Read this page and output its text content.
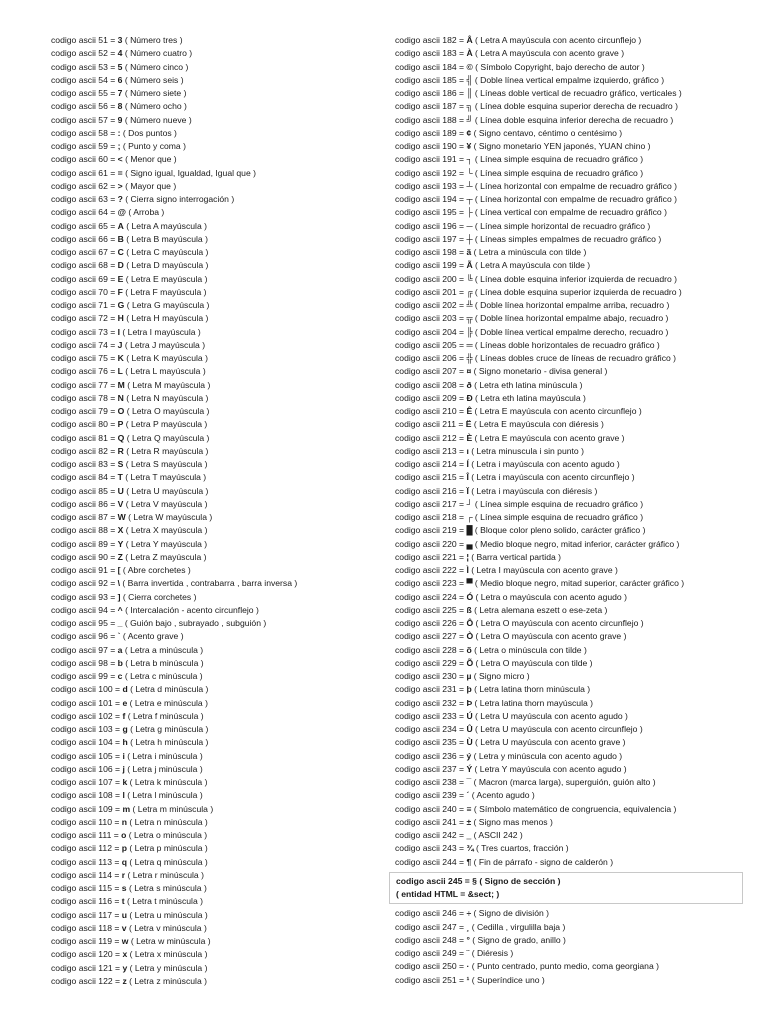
codigo ascii 51 = 3 ( Número tres )
codigo ascii 52 = 4 ( Número cuatro )
codigo ascii 53 = 5 ( Número cinco )
codigo ascii 54 = 6 ( Número seis )
codigo ascii 55 = 7 ( Número siete )
codigo ascii 56 = 8 ( Número ocho )
codigo ascii 57 = 9 ( Número nueve )
codigo ascii 58 = : ( Dos puntos )
codigo ascii 59 = ; ( Punto y coma )
codigo ascii 60 = < ( Menor que )
codigo ascii 61 = = ( Signo igual, Igualdad, Igual que )
codigo ascii 62 = > ( Mayor que )
codigo ascii 63 = ? ( Cierra signo interrogación )
codigo ascii 64 = @ ( Arroba )
codigo ascii 65 = A ( Letra A mayúscula )
codigo ascii 66 = B ( Letra B mayúscula )
codigo ascii 67 = C ( Letra C mayúscula )
codigo ascii 68 = D ( Letra D mayúscula )
codigo ascii 69 = E ( Letra E mayúscula )
codigo ascii 70 = F ( Letra F mayúscula )
codigo ascii 71 = G ( Letra G mayúscula )
codigo ascii 72 = H ( Letra H mayúscula )
codigo ascii 73 = I ( Letra I mayúscula )
codigo ascii 74 = J ( Letra J mayúscula )
codigo ascii 75 = K ( Letra K mayúscula )
codigo ascii 76 = L ( Letra L mayúscula )
codigo ascii 77 = M ( Letra M mayúscula )
codigo ascii 78 = N ( Letra N mayúscula )
codigo ascii 79 = O ( Letra O mayúscula )
codigo ascii 80 = P ( Letra P mayúscula )
codigo ascii 81 = Q ( Letra Q mayúscula )
codigo ascii 82 = R ( Letra R mayúscula )
codigo ascii 83 = S ( Letra S mayúscula )
codigo ascii 84 = T ( Letra T mayúscula )
codigo ascii 85 = U ( Letra U mayúscula )
codigo ascii 86 = V ( Letra V mayúscula )
codigo ascii 87 = W ( Letra W mayúscula )
codigo ascii 88 = X ( Letra X mayúscula )
codigo ascii 89 = Y ( Letra Y mayúscula )
codigo ascii 90 = Z ( Letra Z mayúscula )
codigo ascii 91 = [ ( Abre corchetes )
codigo ascii 92 = \ ( Barra invertida , contrabarra , barra inversa )
codigo ascii 93 = ] ( Cierra corchetes )
codigo ascii 94 = ^ ( Intercalación - acento circunflejo )
codigo ascii 95 = _ ( Guión bajo , subrayado , subguión )
codigo ascii 96 = ` ( Acento grave )
codigo ascii 97 = a ( Letra a minúscula )
codigo ascii 98 = b ( Letra b minúscula )
codigo ascii 99 = c ( Letra c minúscula )
codigo ascii 100 = d ( Letra d minúscula )
codigo ascii 101 = e ( Letra e minúscula )
codigo ascii 102 = f ( Letra f minúscula )
codigo ascii 103 = g ( Letra g minúscula )
codigo ascii 104 = h ( Letra h minúscula )
codigo ascii 105 = i ( Letra i minúscula )
codigo ascii 106 = j ( Letra j minúscula )
codigo ascii 107 = k ( Letra k minúscula )
codigo ascii 108 = l ( Letra l minúscula )
codigo ascii 109 = m ( Letra m minúscula )
codigo ascii 110 = n ( Letra n minúscula )
codigo ascii 111 = o ( Letra o minúscula )
codigo ascii 112 = p ( Letra p minúscula )
codigo ascii 113 = q ( Letra q minúscula )
codigo ascii 114 = r ( Letra r minúscula )
codigo ascii 115 = s ( Letra s minúscula )
codigo ascii 116 = t ( Letra t minúscula )
codigo ascii 117 = u ( Letra u minúscula )
codigo ascii 118 = v ( Letra v minúscula )
codigo ascii 119 = w ( Letra w minúscula )
codigo ascii 120 = x ( Letra x minúscula )
codigo ascii 121 = y ( Letra y minúscula )
codigo ascii 122 = z ( Letra z minúscula )
codigo ascii 182 = Â ( Letra A mayúscula con acento circunflejo )
codigo ascii 183 = À ( Letra A mayúscula con acento grave )
codigo ascii 184 = © ( Símbolo Copyright, bajo derecho de autor )
codigo ascii 185 = ╣ ( Doble línea vertical empalme izquierdo, gráfico )
codigo ascii 186 = ║ ( Líneas doble vertical de recuadro gráfico, verticales )
codigo ascii 187 = ╗ ( Línea doble esquina superior derecha de recuadro )
codigo ascii 188 = ╝ ( Línea doble esquina inferior derecha de recuadro )
codigo ascii 189 = ¢ ( Signo centavo, céntimo o centésimo )
codigo ascii 190 = ¥ ( Signo monetario YEN japonés, YUAN chino )
codigo ascii 191 = ┐ ( Línea simple esquina de recuadro gráfico )
codigo ascii 192 = └ ( Línea simple esquina de recuadro gráfico )
codigo ascii 193 = ┴ ( Línea horizontal con empalme de recuadro gráfico )
codigo ascii 194 = ┬ ( Línea horizontal con empalme de recuadro gráfico )
codigo ascii 195 = ├ ( Línea vertical con empalme de recuadro gráfico )
codigo ascii 196 = ─ ( Línea simple horizontal de recuadro gráfico )
codigo ascii 197 = ┼ ( Líneas simples empalmes de recuadro gráfico )
codigo ascii 198 = ã ( Letra a minúscula con tilde )
codigo ascii 199 = Ã ( Letra A mayúscula con tilde )
codigo ascii 200 = ╚ ( Línea doble esquina inferior izquierda de recuadro )
codigo ascii 201 = ╔ ( Línea doble esquina superior izquierda de recuadro )
codigo ascii 202 = ╩ ( Doble línea horizontal empalme arriba, recuadro )
codigo ascii 203 = ╦ ( Doble línea horizontal empalme abajo, recuadro )
codigo ascii 204 = ╠ ( Doble línea vertical empalme derecho, recuadro )
codigo ascii 205 = ═ ( Líneas doble horizontales de recuadro gráfico )
codigo ascii 206 = ╬ ( Líneas dobles cruce de líneas de recuadro gráfico )
codigo ascii 207 = ¤ ( Signo monetario - divisa general )
codigo ascii 208 = ð ( Letra eth latina minúscula )
codigo ascii 209 = Ð ( Letra eth latina mayúscula )
codigo ascii 210 = Ê ( Letra E mayúscula con acento circunflejo )
codigo ascii 211 = Ë ( Letra E mayúscula con diéresis )
codigo ascii 212 = È ( Letra E mayúscula con acento grave )
codigo ascii 213 = ı ( Letra minuscula i sin punto )
codigo ascii 214 = Í ( Letra i mayúscula con acento agudo )
codigo ascii 215 = Î ( Letra i mayúscula con acento circunflejo )
codigo ascii 216 = Ï ( Letra i mayúscula con diéresis )
codigo ascii 217 = ┘ ( Línea simple esquina de recuadro gráfico )
codigo ascii 218 = ┌ ( Línea simple esquina de recuadro gráfico )
codigo ascii 219 = █ ( Bloque color pleno solido, carácter gráfico )
codigo ascii 220 = ▄ ( Medio bloque negro, mitad inferior, carácter gráfico )
codigo ascii 221 = ¦ ( Barra vertical partida )
codigo ascii 222 = Ì ( Letra I mayúscula con acento grave )
codigo ascii 223 = ▀ ( Medio bloque negro, mitad superior, carácter gráfico )
codigo ascii 224 = Ó ( Letra o mayúscula con acento agudo )
codigo ascii 225 = ß ( Letra alemana eszett o ese-zeta )
codigo ascii 226 = Ô ( Letra O mayúscula con acento circunflejo )
codigo ascii 227 = Ò ( Letra O mayúscula con acento grave )
codigo ascii 228 = õ ( Letra o minúscula con tilde )
codigo ascii 229 = Õ ( Letra O mayúscula con tilde )
codigo ascii 230 = µ ( Signo micro )
codigo ascii 231 = þ ( Letra latina thorn minúscula )
codigo ascii 232 = Þ ( Letra latina thorn mayúscula )
codigo ascii 233 = Ú ( Letra U mayúscula con acento agudo )
codigo ascii 234 = Û ( Letra U mayúscula con acento circunflejo )
codigo ascii 235 = Ù ( Letra U mayúscula con acento grave )
codigo ascii 236 = ý ( Letra y minúscula con acento agudo )
codigo ascii 237 = Ý ( Letra Y mayúscula con acento agudo )
codigo ascii 238 = ¯ ( Macron (marca larga), superguión, guión alto )
codigo ascii 239 = ´ ( Acento agudo )
codigo ascii 240 = ≡ ( Símbolo matemático de congruencia, equivalencia )
codigo ascii 241 = ± ( Signo mas menos )
codigo ascii 242 = ‗ ( ASCII 242 )
codigo ascii 243 = ¾ ( Tres cuartos, fracción )
codigo ascii 244 = ¶ ( Fin de párrafo - signo de calderón )
codigo ascii 245 = § ( Signo de sección )
( entidad HTML = &sect; )
codigo ascii 246 = ÷ ( Signo de división )
codigo ascii 247 = ¸ ( Cedilla , virgulilla baja )
codigo ascii 248 = ° ( Signo de grado, anillo )
codigo ascii 249 = ¨ ( Diéresis )
codigo ascii 250 = · ( Punto centrado, punto medio, coma georgiana )
codigo ascii 251 = ¹ ( Superíndice uno )
